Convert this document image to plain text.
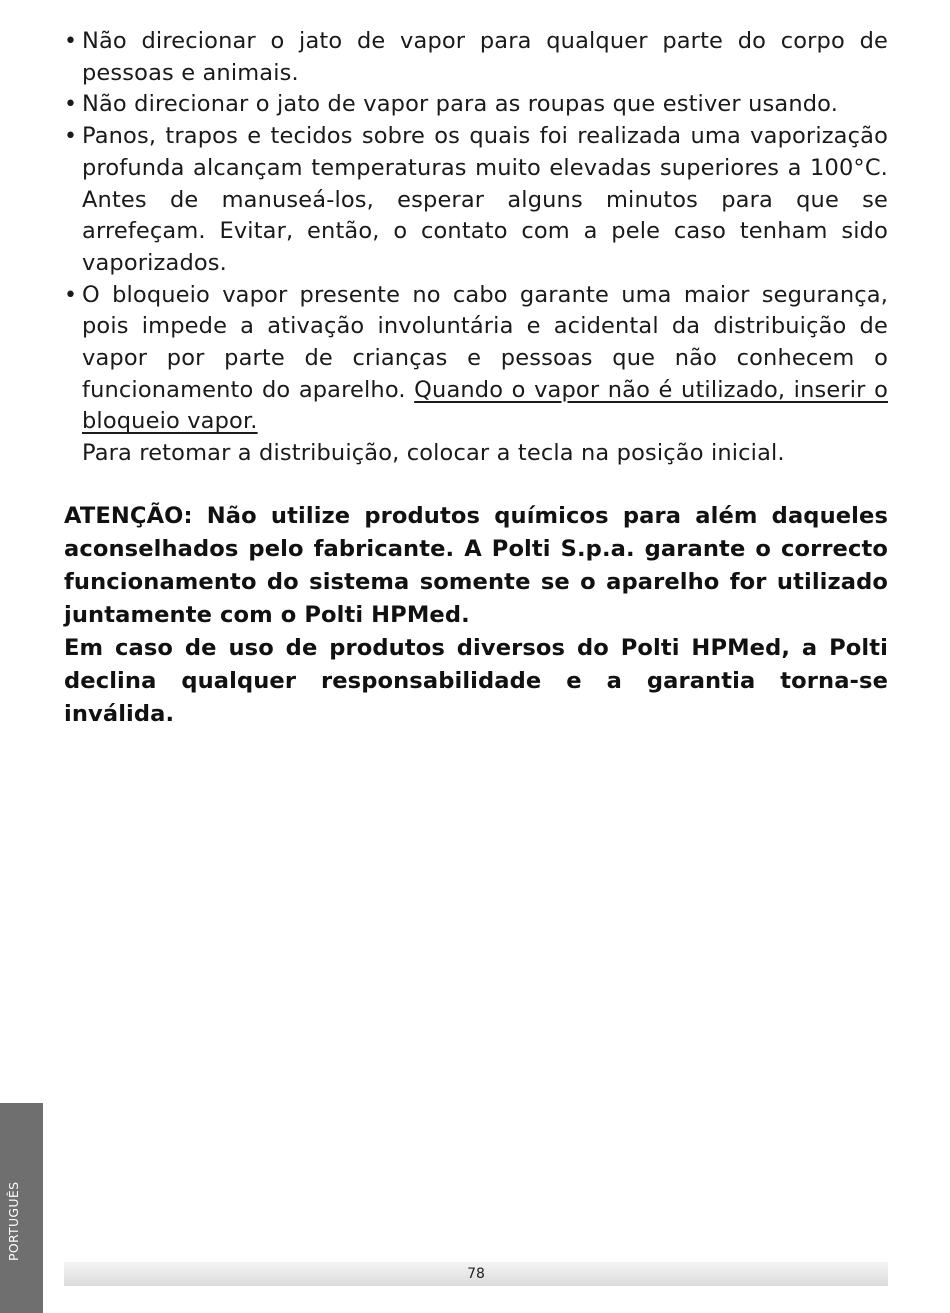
• Não direcionar o jato de vapor para qualquer parte do corpo de pessoas e animais.
• Não direcionar o jato de vapor para as roupas que estiver usando.
• Panos, trapos e tecidos sobre os quais foi realizada uma vaporização profunda alcançam temperaturas muito elevadas superiores a 100°C. Antes de manuseá-los, esperar alguns minutos para que se arrefeçam. Evitar, então, o contato com a pele caso tenham sido vaporizados.
• O bloqueio vapor presente no cabo garante uma maior segurança, pois impede a ativação involuntária e acidental da distribuição de vapor por parte de crianças e pessoas que não conhecem o funcionamento do aparelho. Quando o vapor não é utilizado, inserir o bloqueio vapor.
Para retomar a distribuição, colocar a tecla na posição inicial.

ATENÇÃO: Não utilize produtos químicos para além daqueles aconselhados pelo fabricante. A Polti S.p.a. garante o correcto funcionamento do sistema somente se o aparelho for utilizado juntamente com o Polti HPMed.

Em caso de uso de produtos diversos do Polti HPMed, a Polti declina qualquer responsabilidade e a garantia torna-se inválida.

PORTUGUÊS
78
